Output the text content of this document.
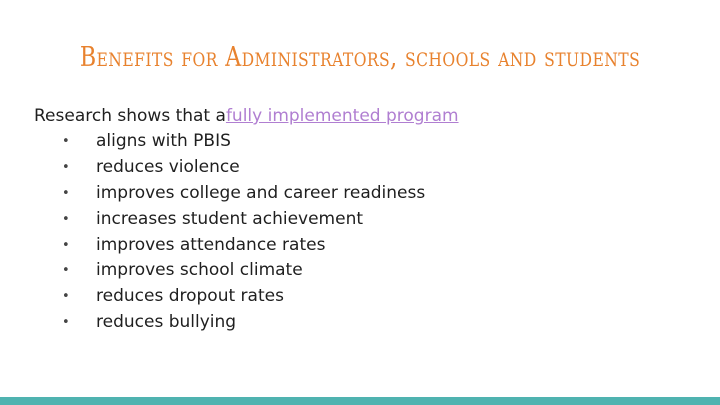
Benefits for Administrators, schools and students
Research shows that afully implemented program
•	aligns with PBIS
•	reduces violence
•	improves college and career readiness
•	increases student achievement
•	improves attendance rates
•	improves school climate
•	reduces dropout rates
•	reduces bullying
